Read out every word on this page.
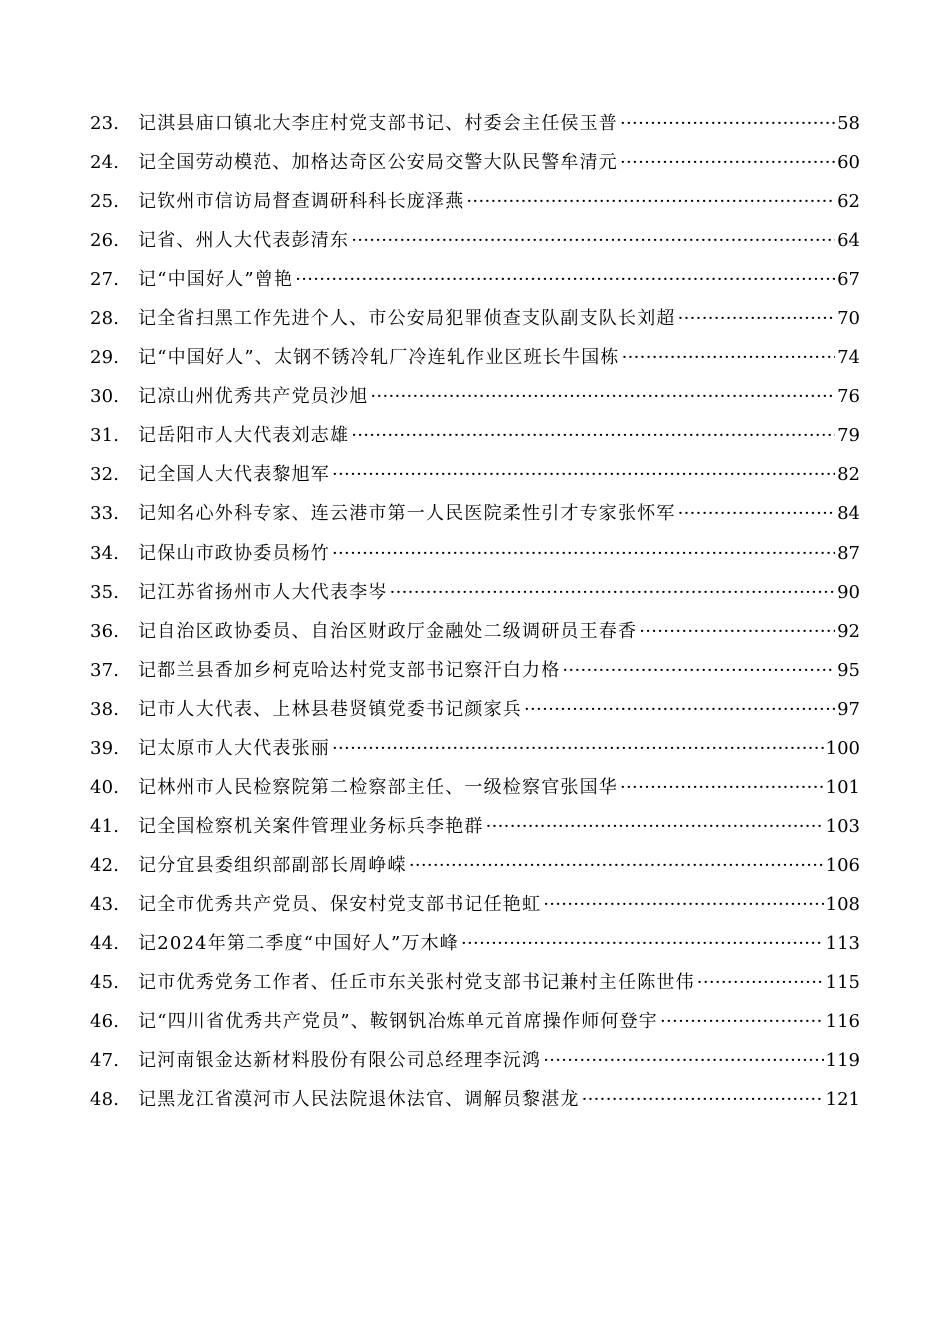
23.	记淇县庙口镇北大李庄村党支部书记、村委会主任侯玉普 ·····	58
24.	记全国劳动模范、加格达奇区公安局交警大队民警牟清元 ·····	60
25.	记钦州市信访局督查调研科科长庞泽燕 ·····	62
26.	记省、州人大代表彭清东 ·····	64
27.	记“中国好人”曾艳 ·····	67
28.	记全省扫黑工作先进个人、市公安局犯罪侦查支队副支队长刘超 ·····	70
29.	记“中国好人”、太钢不锈冷轧厂冷连轧作业区班长牛国栋 ·····	74
30.	记凉山州优秀共产党员沙旭 ·····	76
31.	记岳阳市人大代表刘志雄 ·····	79
32.	记全国人大代表黎旭军 ·····	82
33.	记知名心外科专家、连云港市第一人民医院柔性引才专家张怀军 ·····	84
34.	记保山市政协委员杨竹 ·····	87
35.	记江苏省扬州市人大代表李岑 ·····	90
36.	记自治区政协委员、自治区财政厅金融处二级调研员王春香 ·····	92
37.	记都兰县香加乡柯克哈达村党支部书记察汗白力格 ·····	95
38.	记市人大代表、上林县巷贤镇党委书记颜家兵 ·····	97
39.	记太原市人大代表张丽 ·····	100
40.	记林州市人民检察院第二检察部主任、一级检察官张国华 ·····	101
41.	记全国检察机关案件管理业务标兵李艳群 ·····	103
42.	记分宜县委组织部副部长周峥嵘 ·····	106
43.	记全市优秀共产党员、保安村党支部书记任艳虹 ·····	108
44.	记2024年第二季度“中国好人”万木峰 ·····	113
45.	记市优秀党务工作者、任丘市东关张村党支部书记兼村主任陈世伟 ·····	115
46.	记“四川省优秀共产党员”、鞍钢钒冶炼单元首席操作师何登宇 ·····	116
47.	记河南银金达新材料股份有限公司总经理李沅鸿 ·····	119
48.	记黑龙江省漠河市人民法院退休法官、调解员黎湛龙 ·····	121
